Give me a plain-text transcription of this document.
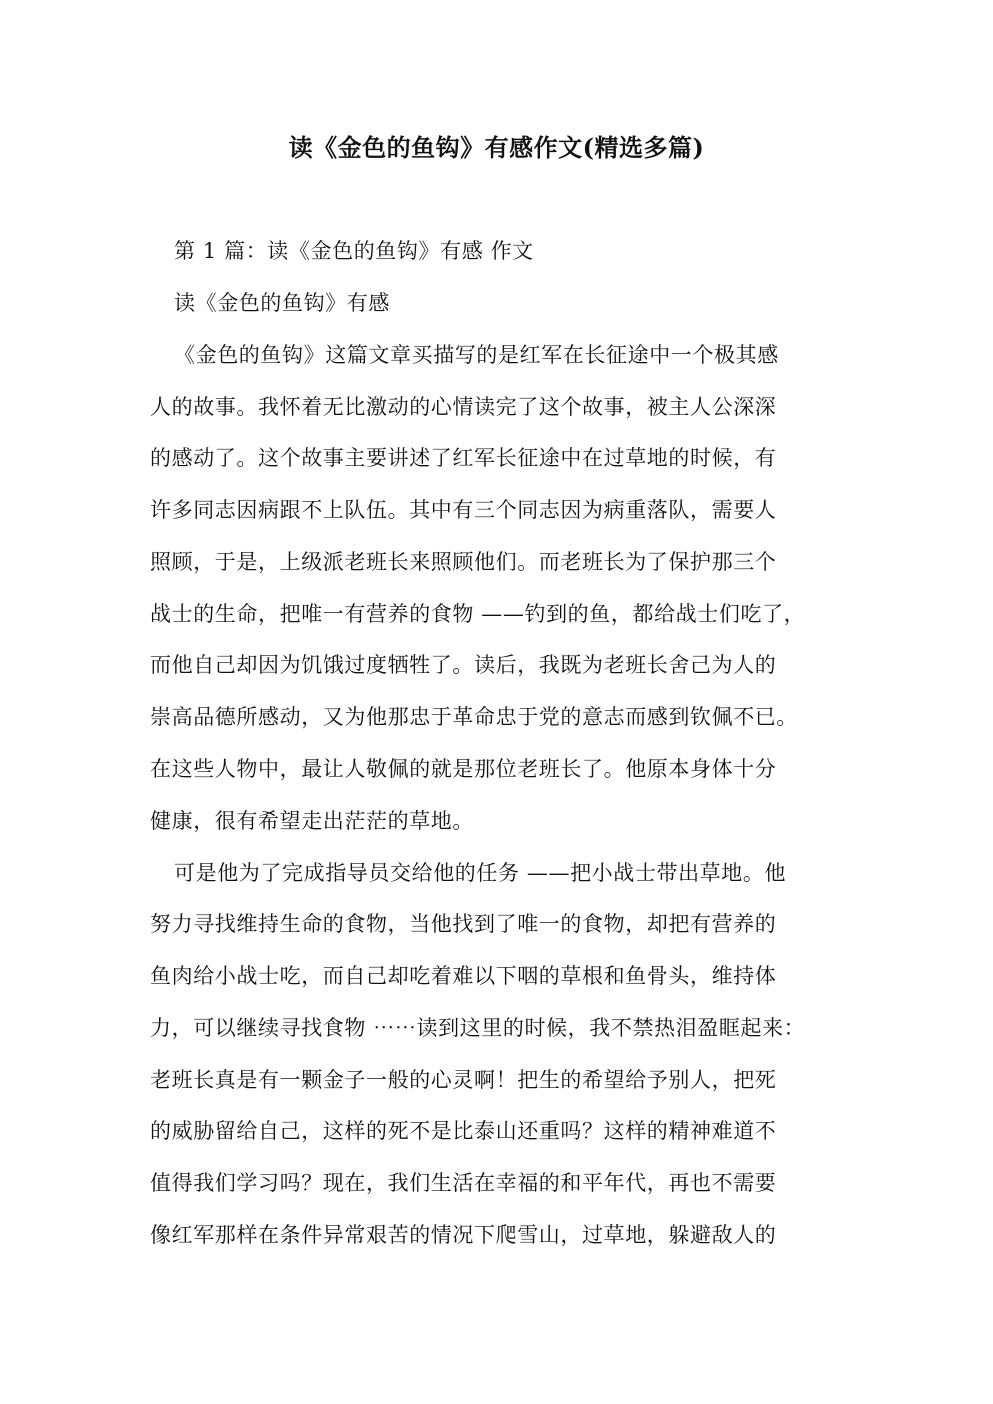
读《金色的鱼钩》有感作文(精选多篇)
第 1 篇：读《金色的鱼钩》有感 作文
读《金色的鱼钩》有感
《金色的鱼钩》这篇文章买描写的是红军在长征途中一个极其感
人的故事。我怀着无比激动的心情读完了这个故事，被主人公深深
的感动了。这个故事主要讲述了红军长征途中在过草地的时候，有
许多同志因病跟不上队伍。其中有三个同志因为病重落队，需要人
照顾，于是，上级派老班长来照顾他们。而老班长为了保护那三个
战士的生命，把唯一有营养的食物 ——钓到的鱼，都给战士们吃了，
而他自己却因为饥饿过度牺牲了。读后，我既为老班长舍己为人的
崇高品德所感动，又为他那忠于革命忠于党的意志而感到钦佩不已。
在这些人物中，最让人敬佩的就是那位老班长了。他原本身体十分
健康，很有希望走出茫茫的草地。
可是他为了完成指导员交给他的任务 ——把小战士带出草地。他
努力寻找维持生命的食物，当他找到了唯一的食物，却把有营养的
鱼肉给小战士吃，而自己却吃着难以下咽的草根和鱼骨头，维持体
力，可以继续寻找食物 ⋯⋯读到这里的时候，我不禁热泪盈眶起来：
老班长真是有一颗金子一般的心灵啊！把生的希望给予别人，把死
的威胁留给自己，这样的死不是比泰山还重吗？这样的精神难道不
值得我们学习吗？现在，我们生活在幸福的和平年代，再也不需要
像红军那样在条件异常艰苦的情况下爬雪山，过草地，躲避敌人的
